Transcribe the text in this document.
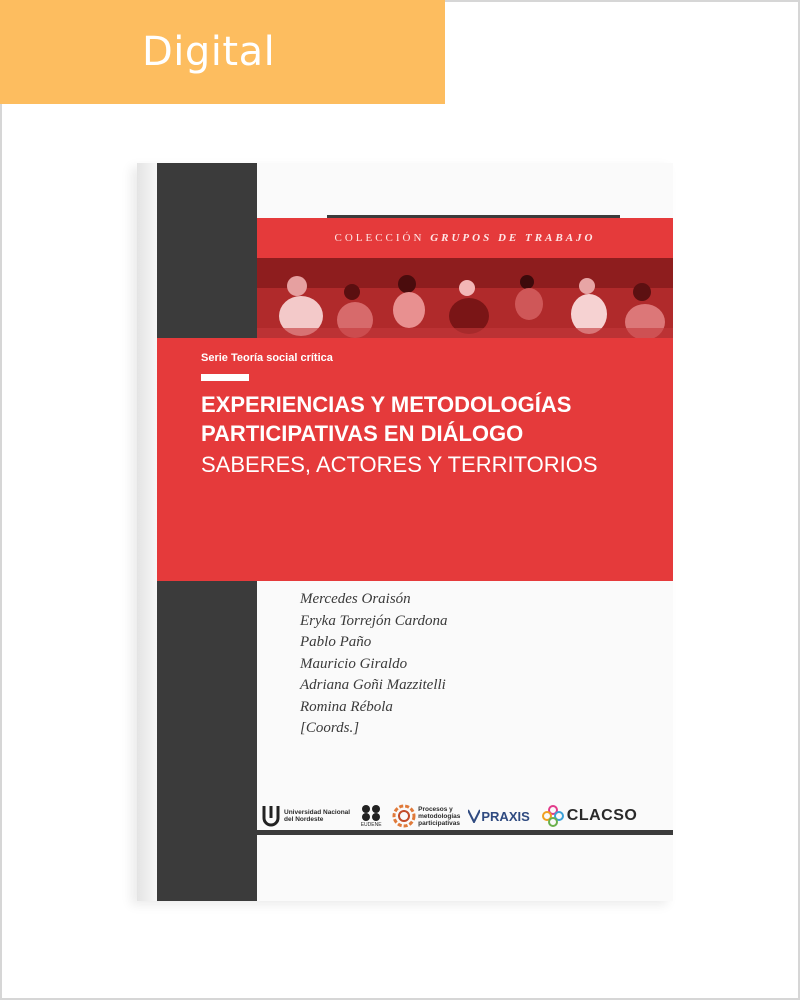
Digital
COLECCIÓN GRUPOS DE TRABAJO
Serie Teoría social crítica
EXPERIENCIAS Y METODOLOGÍAS
PARTICIPATIVAS EN DIÁLOGO
SABERES, ACTORES Y TERRITORIOS
Mercedes Oraisón
Eryka Torrejón Cardona
Pablo Paño
Mauricio Giraldo
Adriana Goñi Mazzitelli
Romina Rébola
[Coords.]
Universidad Nacional
del Nordeste
EUDENE
Procesos y
metodologías
participativas PRAXIS CLACSO
